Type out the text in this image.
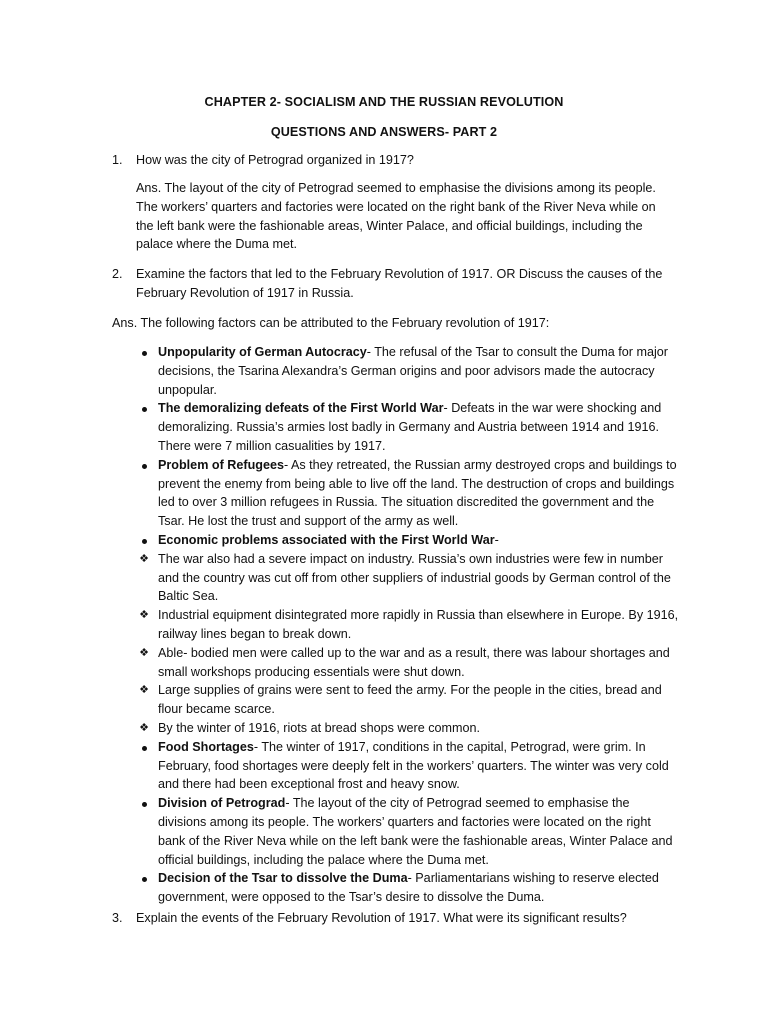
CHAPTER 2- SOCIALISM AND THE RUSSIAN REVOLUTION
QUESTIONS AND ANSWERS- PART 2
1.	How was the city of Petrograd organized in 1917?
Ans. The layout of the city of Petrograd seemed to emphasise the divisions among its people. The workers’ quarters and factories were located on the right bank of the River Neva while on the left bank were the fashionable areas, Winter Palace, and official buildings, including the palace where the Duma met.
2.	Examine the factors that led to the February Revolution of 1917. OR Discuss the causes of the February Revolution of 1917 in Russia.
Ans. The following factors can be attributed to the February revolution of 1917:
Unpopularity of German Autocracy- The refusal of the Tsar to consult the Duma for major decisions, the Tsarina Alexandra’s German origins and poor advisors made the autocracy unpopular.
The demoralizing defeats of the First World War- Defeats in the war were shocking and demoralizing. Russia’s armies lost badly in Germany and Austria between 1914 and 1916. There were 7 million casualities by 1917.
Problem of Refugees- As they retreated, the Russian army destroyed crops and buildings to prevent the enemy from being able to live off the land. The destruction of crops and buildings led to over 3 million refugees in Russia. The situation discredited the government and the Tsar. He lost the trust and support of the army as well.
Economic problems associated with the First World War-
❖ The war also had a severe impact on industry. Russia’s own industries were few in number and the country was cut off from other suppliers of industrial goods by German control of the Baltic Sea.
❖ Industrial equipment disintegrated more rapidly in Russia than elsewhere in Europe. By 1916, railway lines began to break down.
❖ Able- bodied men were called up to the war and as a result, there was labour shortages and small workshops producing essentials were shut down.
❖ Large supplies of grains were sent to feed the army. For the people in the cities, bread and flour became scarce.
❖ By the winter of 1916, riots at bread shops were common.
Food Shortages- The winter of 1917, conditions in the capital, Petrograd, were grim. In February, food shortages were deeply felt in the workers’ quarters. The winter was very cold and there had been exceptional frost and heavy snow.
Division of Petrograd- The layout of the city of Petrograd seemed to emphasise the divisions among its people. The workers’ quarters and factories were located on the right bank of the River Neva while on the left bank were the fashionable areas, Winter Palace and official buildings, including the palace where the Duma met.
Decision of the Tsar to dissolve the Duma- Parliamentarians wishing to reserve elected government, were opposed to the Tsar’s desire to dissolve the Duma.
3.	Explain the events of the February Revolution of 1917. What were its significant results?
